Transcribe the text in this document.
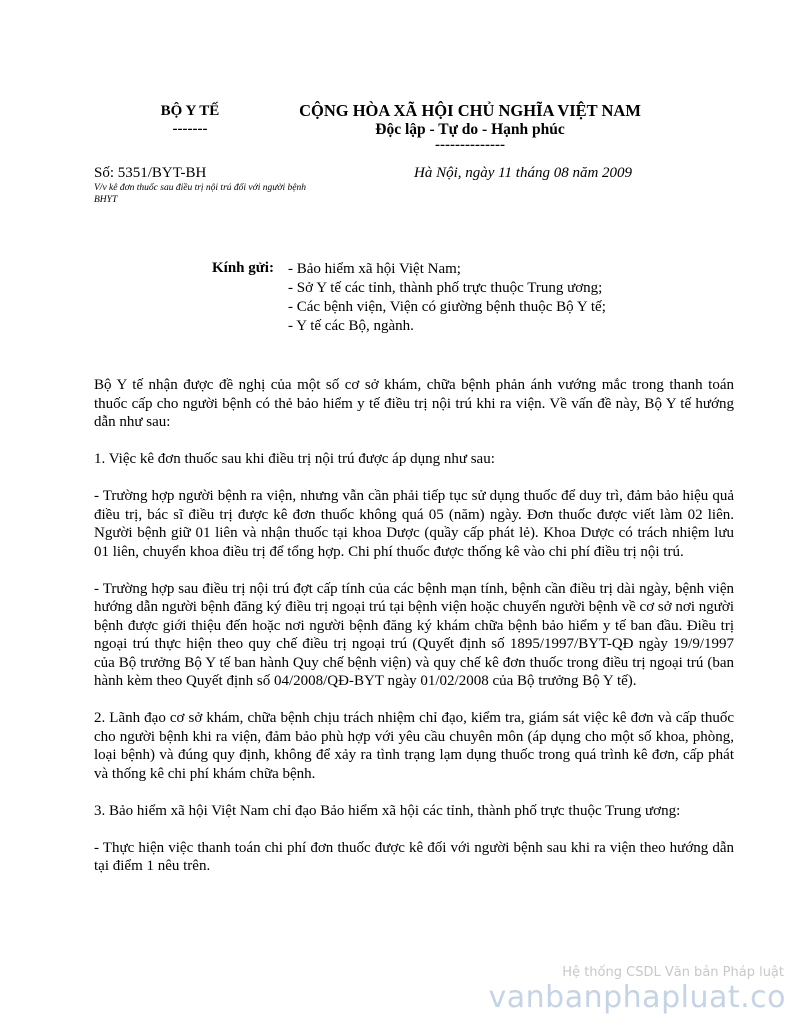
BỘ Y TẾ
-------
CỘNG HÒA XÃ HỘI CHỦ NGHĨA VIỆT NAM
Độc lập - Tự do - Hạnh phúc
--------------
Số: 5351/BYT-BH
V/v kê đơn thuốc sau điều trị nội trú đối với người bệnh BHYT
Hà Nội, ngày 11 tháng 08 năm 2009
Kính gửi: - Bảo hiểm xã hội Việt Nam;
- Sở Y tế các tỉnh, thành phố trực thuộc Trung ương;
- Các bệnh viện, Viện có giường bệnh thuộc Bộ Y tế;
- Y tế các Bộ, ngành.

Bộ Y tế nhận được đề nghị của một số cơ sở khám, chữa bệnh phản ánh vướng mắc trong thanh toán thuốc cấp cho người bệnh có thẻ bảo hiểm y tế điều trị nội trú khi ra viện. Về vấn đề này, Bộ Y tế hướng dẫn như sau:

1. Việc kê đơn thuốc sau khi điều trị nội trú được áp dụng như sau:

- Trường hợp người bệnh ra viện, nhưng vẫn cần phải tiếp tục sử dụng thuốc để duy trì, đảm bảo hiệu quả điều trị, bác sĩ điều trị được kê đơn thuốc không quá 05 (năm) ngày. Đơn thuốc được viết làm 02 liên. Người bệnh giữ 01 liên và nhận thuốc tại khoa Dược (quầy cấp phát lẻ). Khoa Dược có trách nhiệm lưu 01 liên, chuyển khoa điều trị để tổng hợp. Chi phí thuốc được thống kê vào chi phí điều trị nội trú.

- Trường hợp sau điều trị nội trú đợt cấp tính của các bệnh mạn tính, bệnh cần điều trị dài ngày, bệnh viện hướng dẫn người bệnh đăng ký điều trị ngoại trú tại bệnh viện hoặc chuyển người bệnh về cơ sở nơi người bệnh được giới thiệu đến hoặc nơi người bệnh đăng ký khám chữa bệnh bảo hiểm y tế ban đầu. Điều trị ngoại trú thực hiện theo quy chế điều trị ngoại trú (Quyết định số 1895/1997/BYT-QĐ ngày 19/9/1997 của Bộ trưởng Bộ Y tế ban hành Quy chế bệnh viện) và quy chế kê đơn thuốc trong điều trị ngoại trú (ban hành kèm theo Quyết định số 04/2008/QĐ-BYT ngày 01/02/2008 của Bộ trưởng Bộ Y tế).

2. Lãnh đạo cơ sở khám, chữa bệnh chịu trách nhiệm chỉ đạo, kiểm tra, giám sát việc kê đơn và cấp thuốc cho người bệnh khi ra viện, đảm bảo phù hợp với yêu cầu chuyên môn (áp dụng cho một số khoa, phòng, loại bệnh) và đúng quy định, không để xảy ra tình trạng lạm dụng thuốc trong quá trình kê đơn, cấp phát và thống kê chi phí khám chữa bệnh.

3. Bảo hiểm xã hội Việt Nam chỉ đạo Bảo hiểm xã hội các tỉnh, thành phố trực thuộc Trung ương:

- Thực hiện việc thanh toán chi phí đơn thuốc được kê đối với người bệnh sau khi ra viện theo hướng dẫn tại điểm 1 nêu trên.

Hệ thống CSDL Văn bản Pháp luật
vanbanphapluat.co
